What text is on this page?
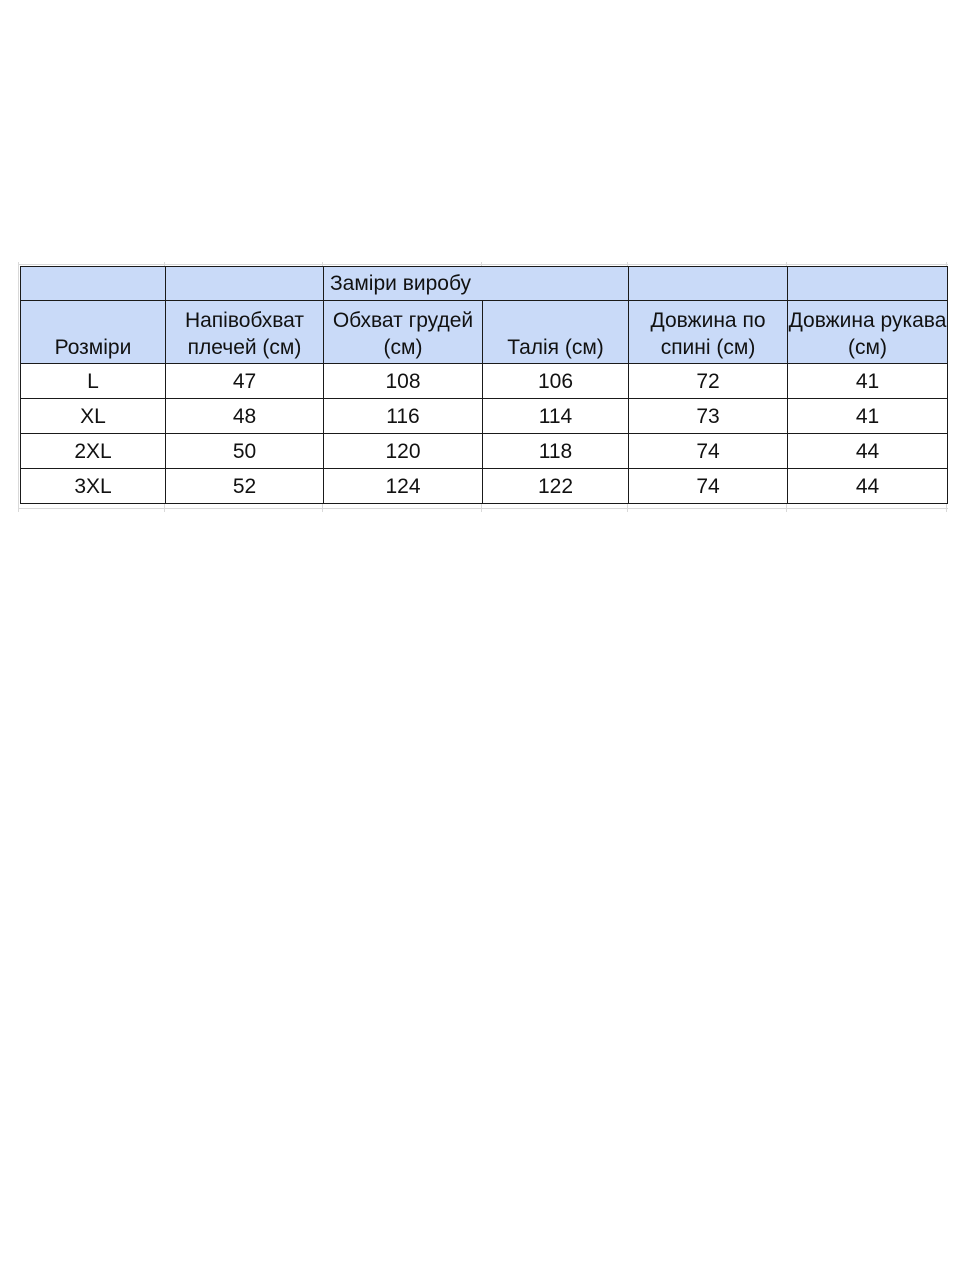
		Заміри виробу			
Розміри	Напівобхват плечей (см)	Обхват грудей (см)	Талія (см)	Довжина по спині (см)	Довжина рукава (см)
L	47	108	106	72	41
XL	48	116	114	73	41
2XL	50	120	118	74	44
3XL	52	124	122	74	44
